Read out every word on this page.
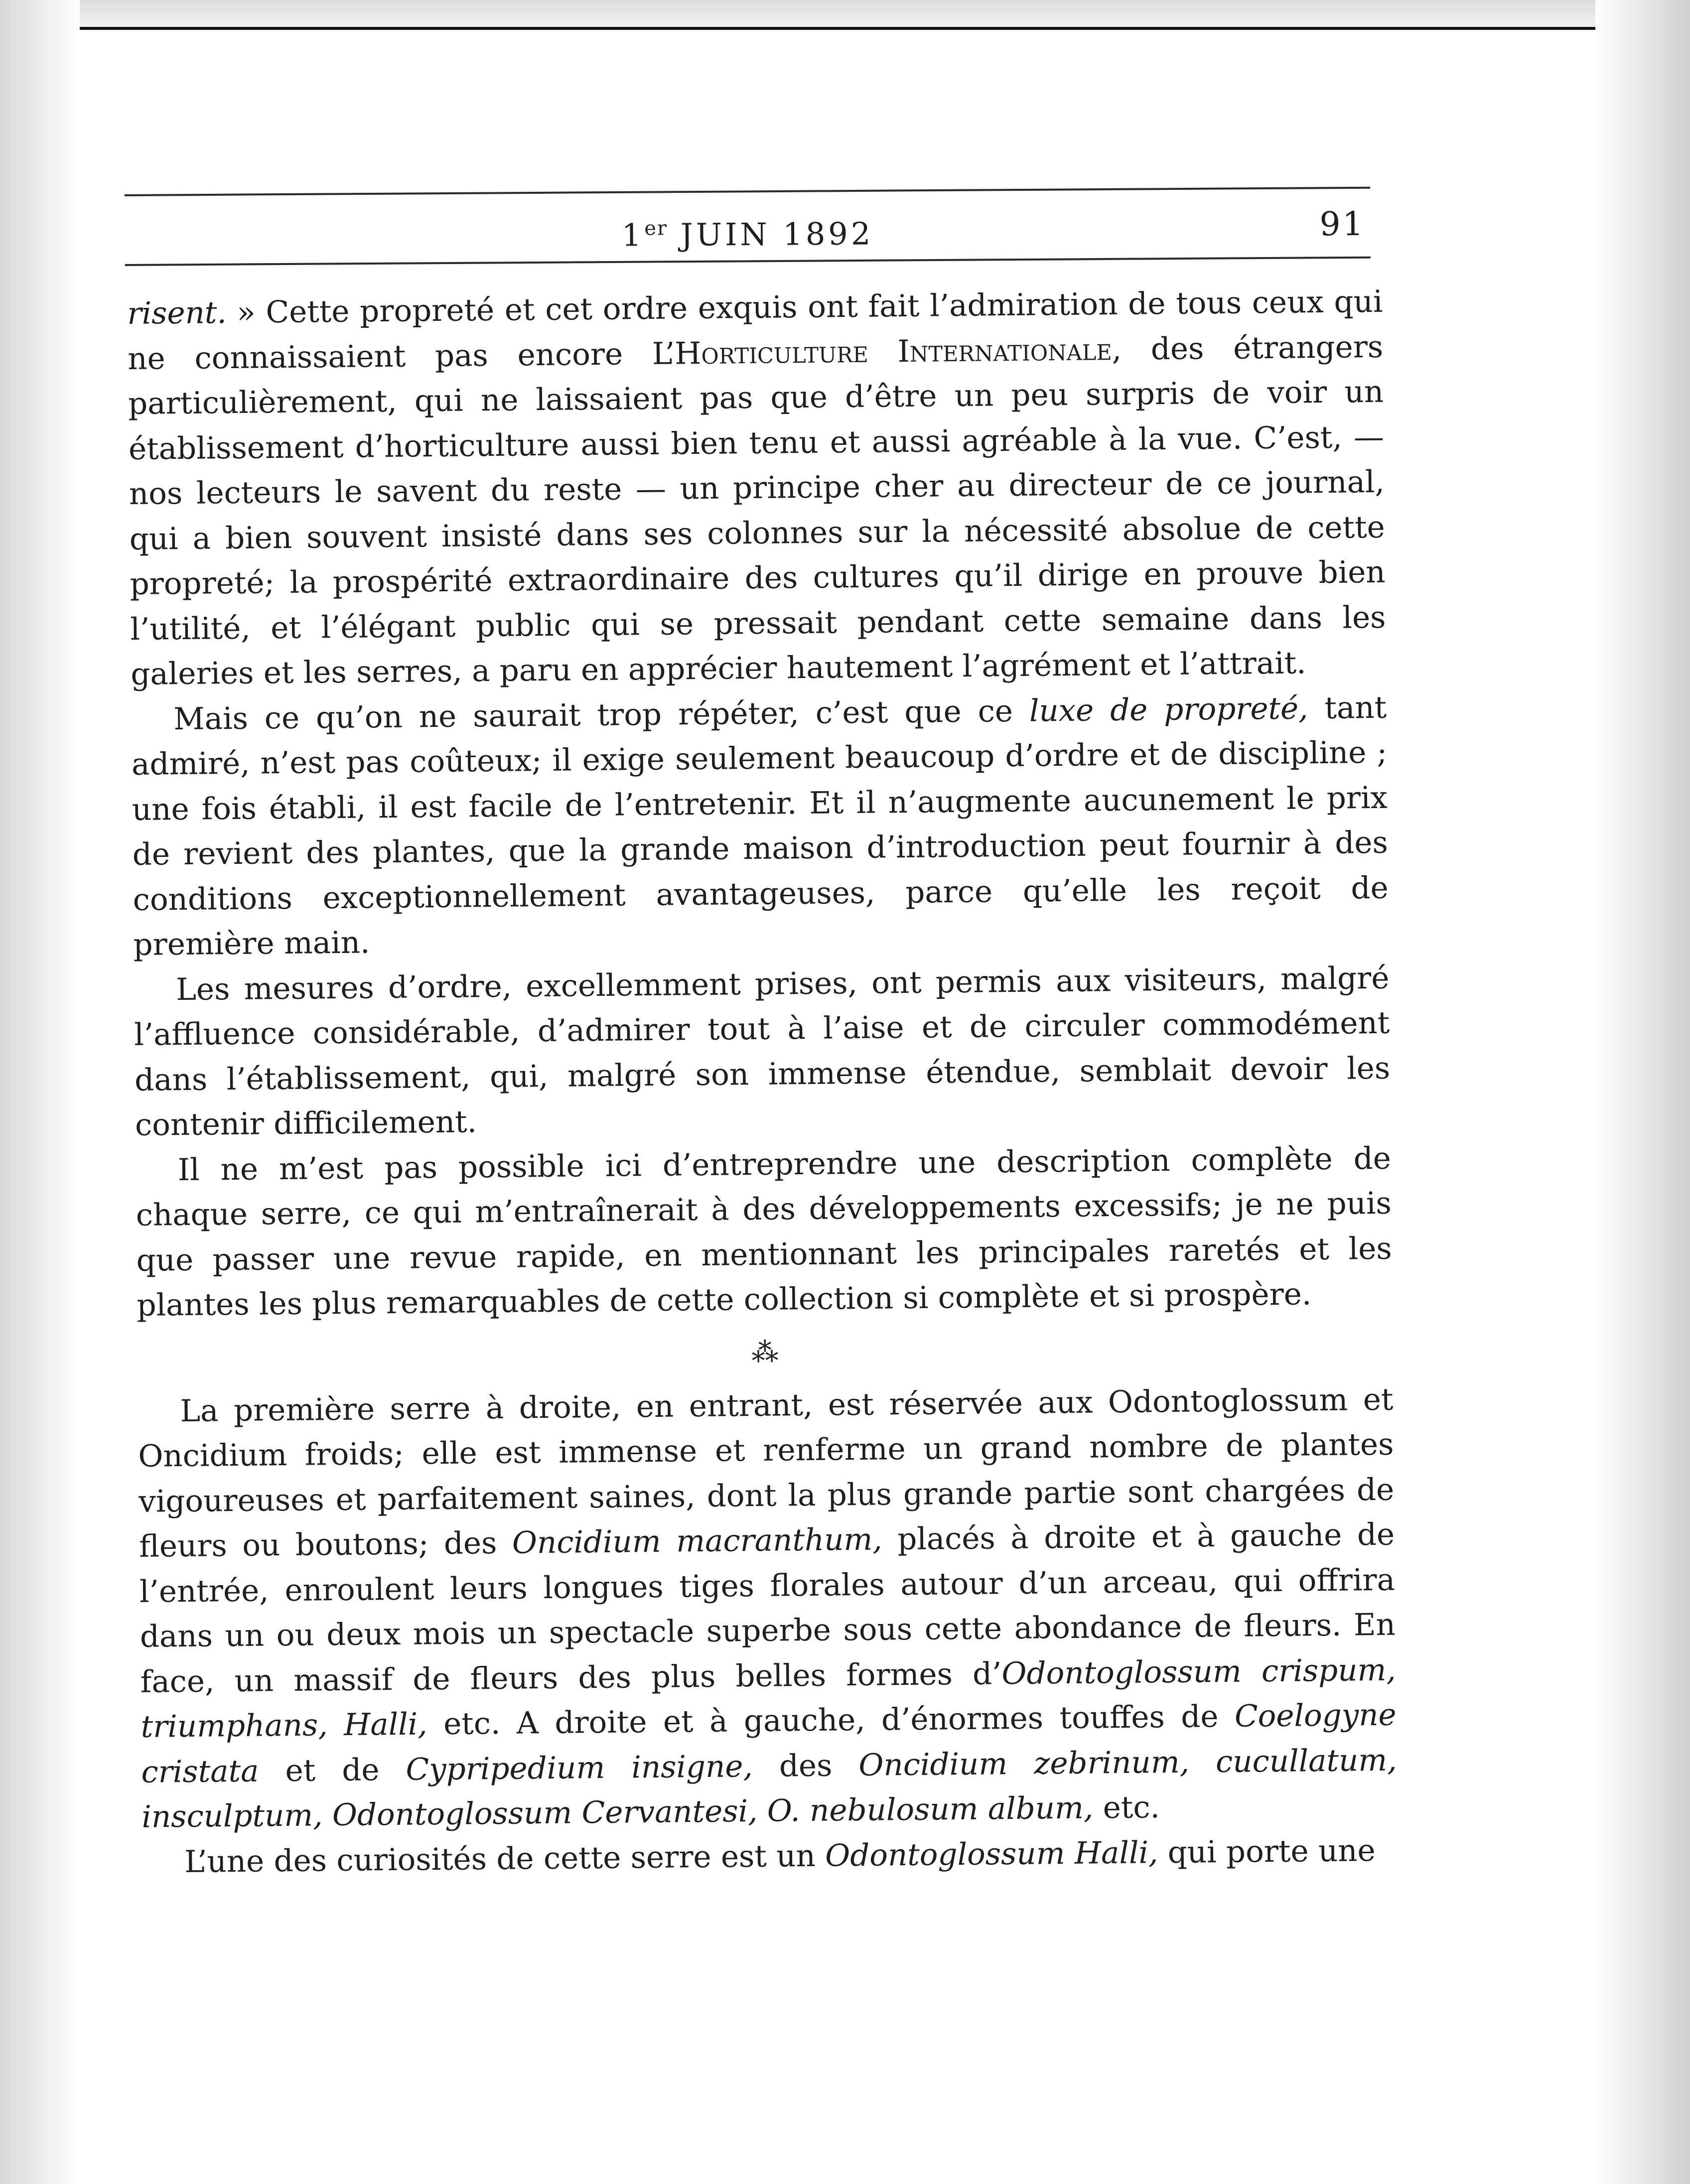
1er JUIN 1892	91

risent. » Cette propreté et cet ordre exquis ont fait l’admiration de tous ceux qui ne connaissaient pas encore L’Horticulture Internationale, des étrangers particulièrement, qui ne laissaient pas que d’être un peu surpris de voir un établissement d’horticulture aussi bien tenu et aussi agréable à la vue. C’est, — nos lecteurs le savent du reste — un principe cher au directeur de ce journal, qui a bien souvent insisté dans ses colonnes sur la nécessité absolue de cette propreté; la prospérité extraordinaire des cultures qu’il dirige en prouve bien l’utilité, et l’élégant public qui se pressait pendant cette semaine dans les galeries et les serres, a paru en apprécier hautement l’agrément et l’attrait.

Mais ce qu’on ne saurait trop répéter, c’est que ce luxe de propreté, tant admiré, n’est pas coûteux; il exige seulement beaucoup d’ordre et de discipline ; une fois établi, il est facile de l’entretenir. Et il n’augmente aucunement le prix de revient des plantes, que la grande maison d’introduction peut fournir à des conditions exceptionnellement avantageuses, parce qu’elle les reçoit de première main.

Les mesures d’ordre, excellemment prises, ont permis aux visiteurs, malgré l’affluence considérable, d’admirer tout à l’aise et de circuler commodément dans l’établissement, qui, malgré son immense étendue, semblait devoir les contenir difficilement.

Il ne m’est pas possible ici d’entreprendre une description complète de chaque serre, ce qui m’entraînerait à des développements excessifs; je ne puis que passer une revue rapide, en mentionnant les principales raretés et les plantes les plus remarquables de cette collection si complète et si prospère.

⁂

La première serre à droite, en entrant, est réservée aux Odontoglossum et Oncidium froids; elle est immense et renferme un grand nombre de plantes vigoureuses et parfaitement saines, dont la plus grande partie sont chargées de fleurs ou boutons; des Oncidium macranthum, placés à droite et à gauche de l’entrée, enroulent leurs longues tiges florales autour d’un arceau, qui offrira dans un ou deux mois un spectacle superbe sous cette abondance de fleurs. En face, un massif de fleurs des plus belles formes d’Odontoglossum crispum, triumphans, Halli, etc. A droite et à gauche, d’énormes touffes de Coelogyne cristata et de Cypripedium insigne, des Oncidium zebrinum, cucullatum, insculptum, Odontoglossum Cervantesi, O. nebulosum album, etc.

L’une des curiosités de cette serre est un Odontoglossum Halli, qui porte une
